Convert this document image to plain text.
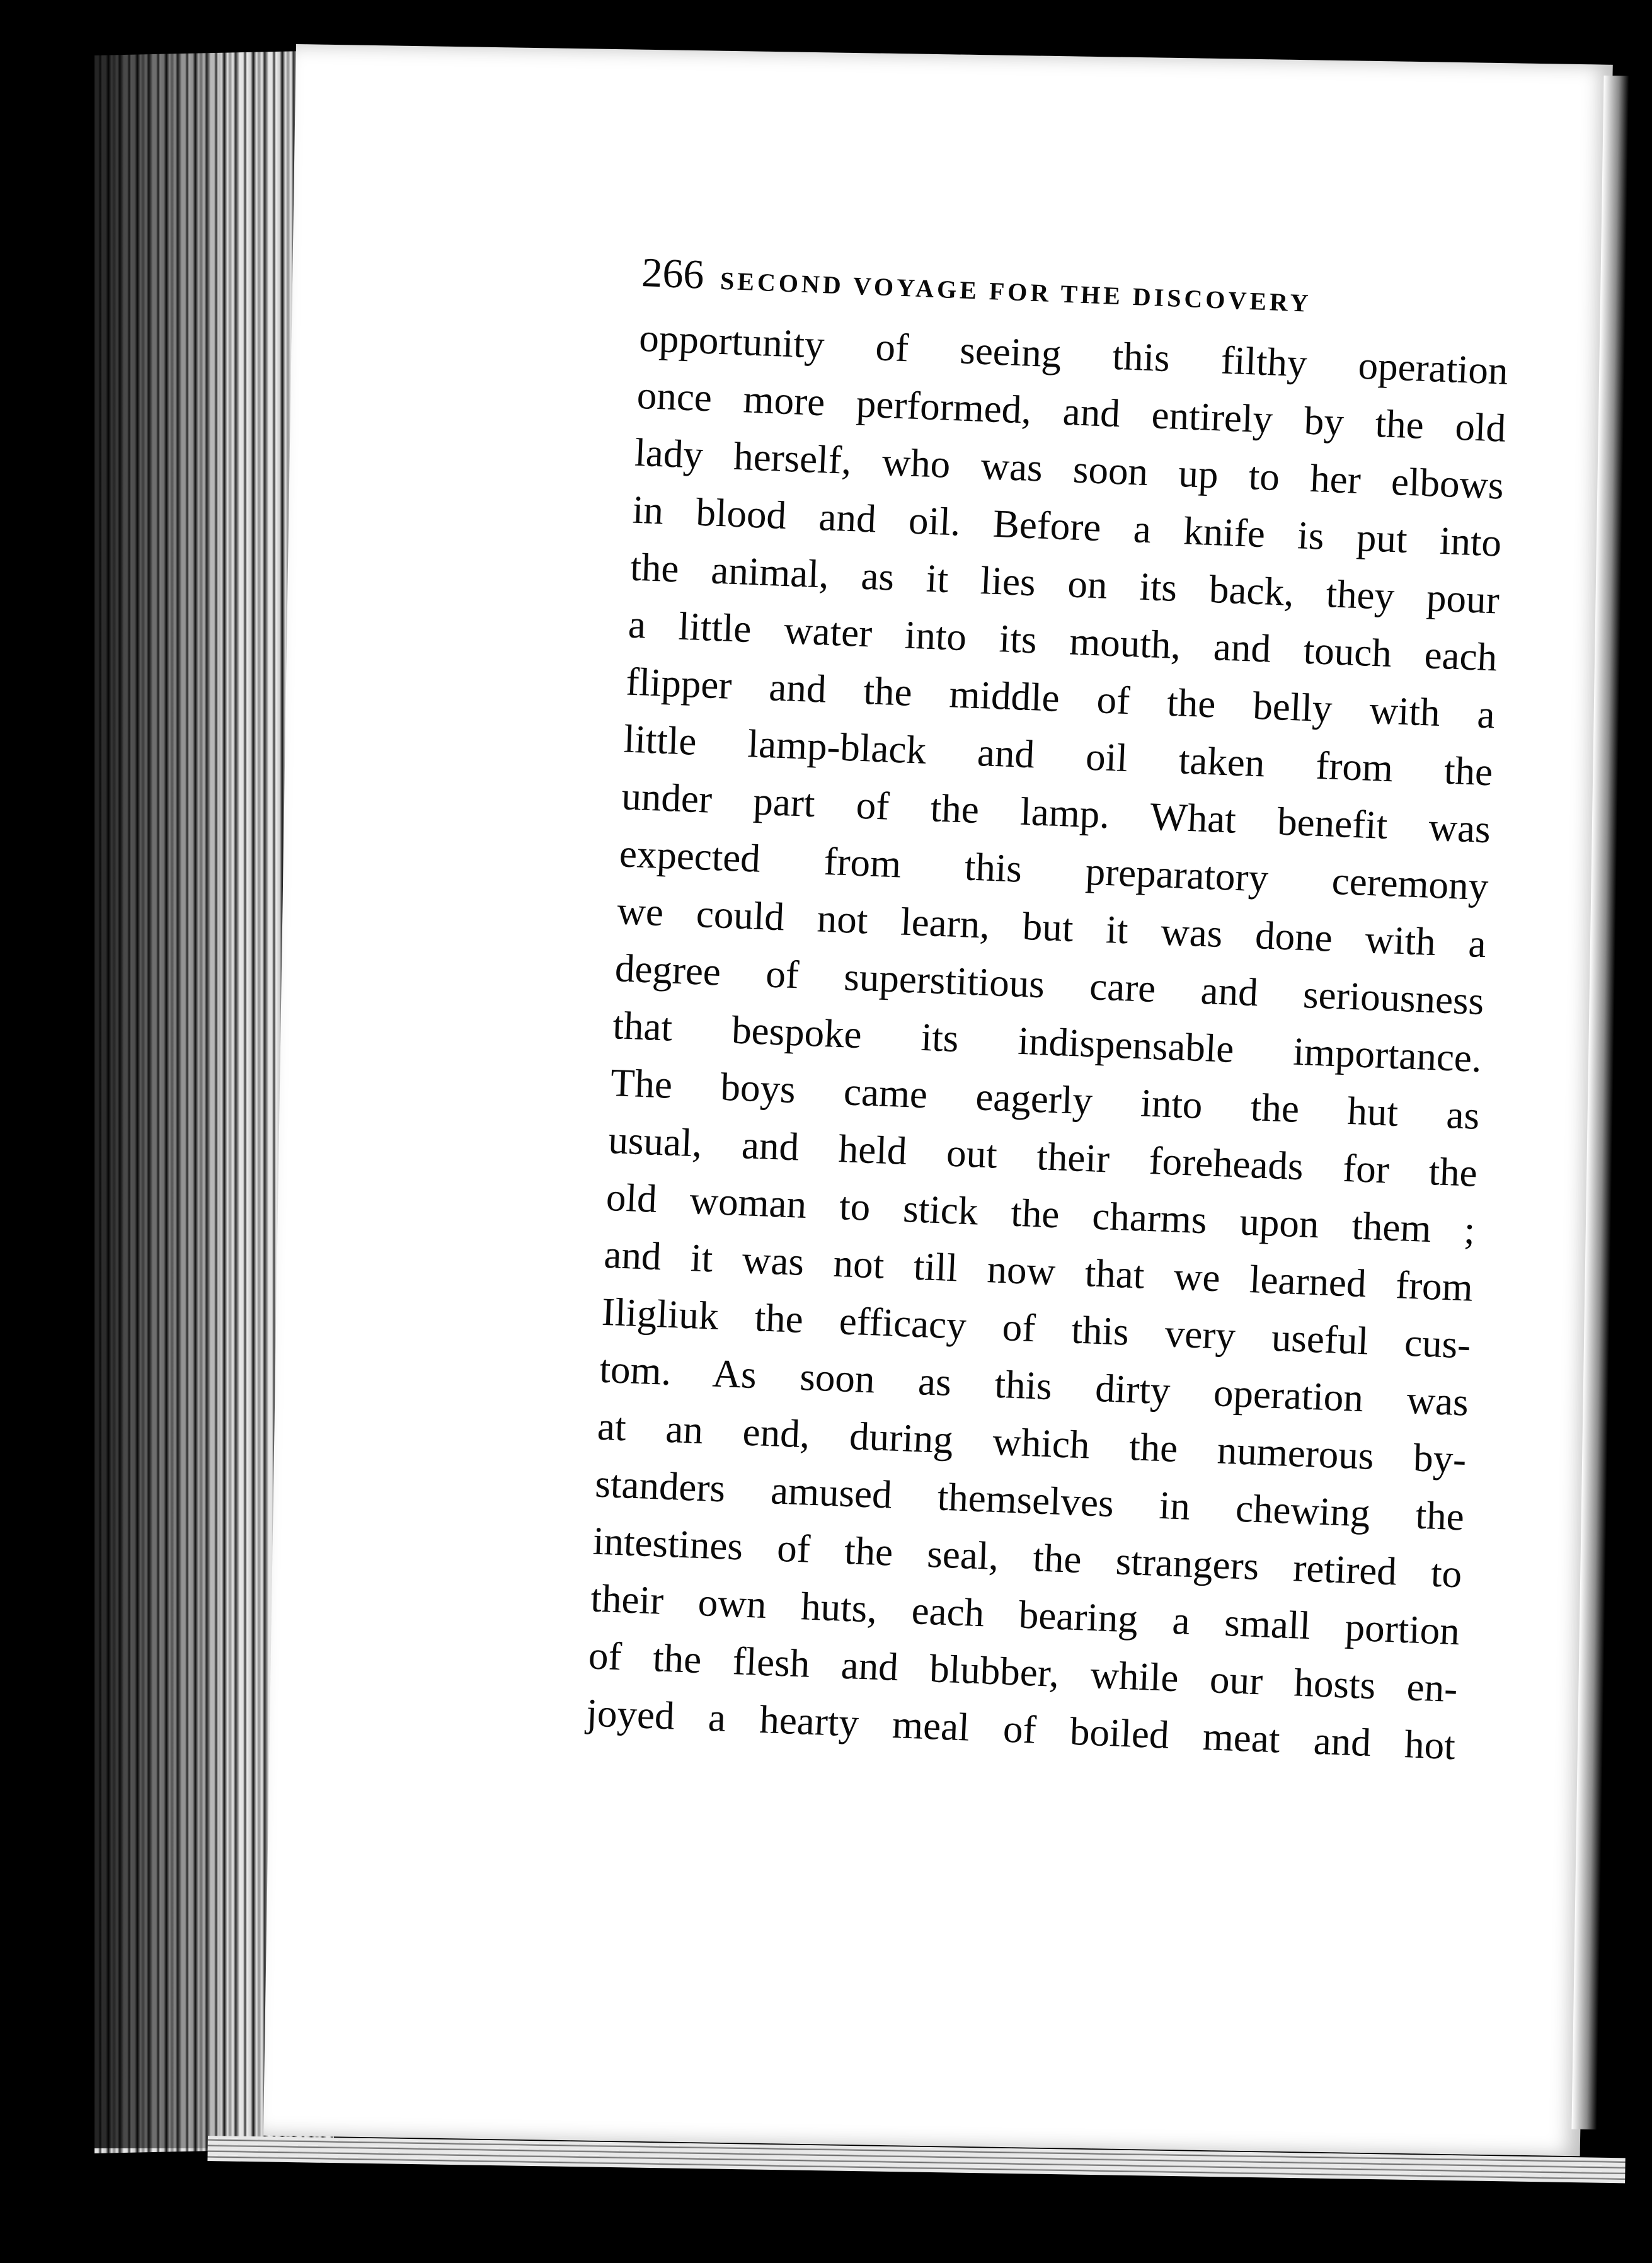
266 SECOND VOYAGE FOR THE DISCOVERY
opportunity of seeing this filthy operation
once more performed, and entirely by the old
lady herself, who was soon up to her elbows
in blood and oil. Before a knife is put into
the animal, as it lies on its back, they pour
a little water into its mouth, and touch each
flipper and the middle of the belly with a
little lamp-black and oil taken from the
under part of the lamp. What benefit was
expected from this preparatory ceremony
we could not learn, but it was done with a
degree of superstitious care and seriousness
that bespoke its indispensable importance.
The boys came eagerly into the hut as
usual, and held out their foreheads for the
old woman to stick the charms upon them ;
and it was not till now that we learned from
Iligliuk the efficacy of this very useful cus-
tom. As soon as this dirty operation was
at an end, during which the numerous by-
standers amused themselves in chewing the
intestines of the seal, the strangers retired to
their own huts, each bearing a small portion
of the flesh and blubber, while our hosts en-
joyed a hearty meal of boiled meat and hot
